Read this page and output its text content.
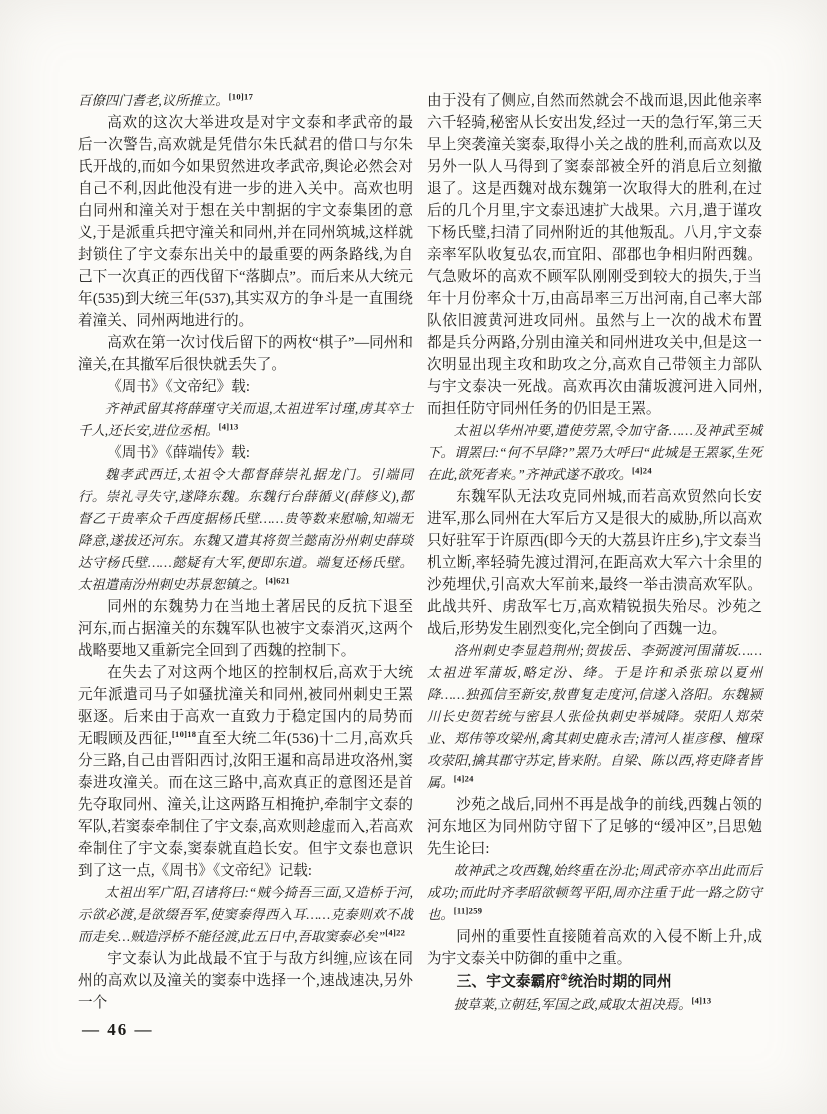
百僚四门耆老,议所推立。$^{[10]17}$

高欢的这次大举进攻是对宇文泰和孝武帝的最后一次警告,高欢就是凭借尔朱氏弑君的借口与尔朱氏开战的,而如今如果贸然进攻孝武帝,舆论必然会对自己不利,因此他没有进一步的进入关中。高欢也明白同州和潼关对于想在关中割据的宇文泰集团的意义,于是派重兵把守潼关和同州,并在同州筑城,这样就封锁住了宇文泰东出关中的最重要的两条路线,为自己下一次真正的西伐留下“落脚点”。而后来从大统元年(535)到大统三年(537),其实双方的争斗是一直围绕着潼关、同州两地进行的。

高欢在第一次讨伐后留下的两枚“棋子”—同州和潼关,在其撤军后很快就丢失了。

《周书》《文帝纪》载:

齐神武留其将薛瑾守关而退,太祖进军讨瑾,虏其卒士千人,还长安,进位丞相。$^{[4]13}$

《周书》《薛端传》载:

魏孝武西迁,太祖令大都督薛崇礼据龙门。引端同行。崇礼寻失守,遂降东魏。东魏行台薛循义(薛修义),都督乙干贵率众千西度据杨氏壁……贵等数来慰喻,知端无降意,遂拔还河东。东魏又遣其将贺兰懿南汾州刺史薛琰达守杨氏壁……懿疑有大军,便即东道。端复还杨氏壁。太祖遣南汾州刺史苏景恕镇之。$^{[4]621}$

同州的东魏势力在当地土著居民的反抗下退至河东,而占据潼关的东魏军队也被宇文泰消灭,这两个战略要地又重新完全回到了西魏的控制下。

在失去了对这两个地区的控制权后,高欢于大统元年派遣司马子如骚扰潼关和同州,被同州刺史王罴驱逐。后来由于高欢一直致力于稳定国内的局势而无暇顾及西征,$^{[10]18}$直至大统二年(536)十二月,高欢兵分三路,自己由晋阳西讨,汝阳王暹和高昂进攻洛州,窦泰进攻潼关。而在这三路中,高欢真正的意图还是首先夺取同州、潼关,让这两路互相掩护,牵制宇文泰的军队,若窦泰牵制住了宇文泰,高欢则趁虚而入,若高欢牵制住了宇文泰,窦泰就直趋长安。但宇文泰也意识到了这一点,《周书》《文帝纪》记载:

太祖出军广阳,召诸将曰:“贼今掎吾三面,又造桥于河,示欲必渡,是欲缀吾军,使窦泰得西入耳……克泰则欢不战而走矣…贼造浮桥不能径渡,此五日中,吾取窦泰必矣”$^{[4]22}$

宇文泰认为此战最不宜于与敌方纠缠,应该在同州的高欢以及潼关的窦泰中选择一个,速战速决,另外一个

由于没有了侧应,自然而然就会不战而退,因此他亲率六千轻骑,秘密从长安出发,经过一天的急行军,第三天早上突袭潼关窦泰,取得小关之战的胜利,而高欢以及另外一队人马得到了窦泰部被全歼的消息后立刻撤退了。这是西魏对战东魏第一次取得大的胜利,在过后的几个月里,宇文泰迅速扩大战果。六月,遣于谨攻下杨氏璧,扫清了同州附近的其他叛乱。八月,宇文泰亲率军队收复弘农,而宜阳、邵郡也争相归附西魏。气急败坏的高欢不顾军队刚刚受到较大的损失,于当年十月份率众十万,由高昂率三万出河南,自己率大部队依旧渡黄河进攻同州。虽然与上一次的战术布置都是兵分两路,分别由潼关和同州进攻关中,但是这一次明显出现主攻和助攻之分,高欢自己带领主力部队与宇文泰决一死战。高欢再次由蒲坂渡河进入同州,而担任防守同州任务的仍旧是王罴。

太祖以华州冲要,遣使劳罴,令加守备……及神武至城下。谓罴曰:“何不早降?”罴乃大呼曰“此城是王罴冢,生死在此,欲死者来。”齐神武遂不敢攻。$^{[4]24}$

东魏军队无法攻克同州城,而若高欢贸然向长安进军,那么同州在大军后方又是很大的威胁,所以高欢只好驻军于许原西(即今天的大荔县许庄乡),宇文泰当机立断,率轻骑先渡过渭河,在距高欢大军六十余里的沙苑埋伏,引高欢大军前来,最终一举击溃高欢军队。此战共歼、虏敌军七万,高欢精锐损失殆尽。沙苑之战后,形势发生剧烈变化,完全倒向了西魏一边。

洛州刺史李显趋荆州;贺拔岳、李弼渡河围蒲坂……太祖进军蒲坂,略定汾、绛。于是许和杀张琼以夏州降……独孤信至新安,敖曹复走度河,信遂入洛阳。东魏颍川长史贺若统与密县人张俭执刺史举城降。荥阳人郑荣业、郑伟等攻梁州,禽其刺史鹿永吉;清河人崔彦穆、檀琛攻荥阳,擒其郡守苏定,皆来附。自梁、陈以西,将吏降者皆属。$^{[4]24}$

沙苑之战后,同州不再是战争的前线,西魏占领的河东地区为同州防守留下了足够的“缓冲区”,吕思勉先生论曰:

故神武之攻西魏,始终重在汾北;周武帝亦卒出此而后成功;而此时齐孝昭欲顿驾平阳,周亦注重于此一路之防守也。$^{[11]259}$

同州的重要性直接随着高欢的入侵不断上升,成为宇文泰关中防御的重中之重。

三、宇文泰霸府②统治时期的同州

披草莱,立朝廷,军国之政,咸取太祖决焉。$^{[4]13}$

— 46 —
